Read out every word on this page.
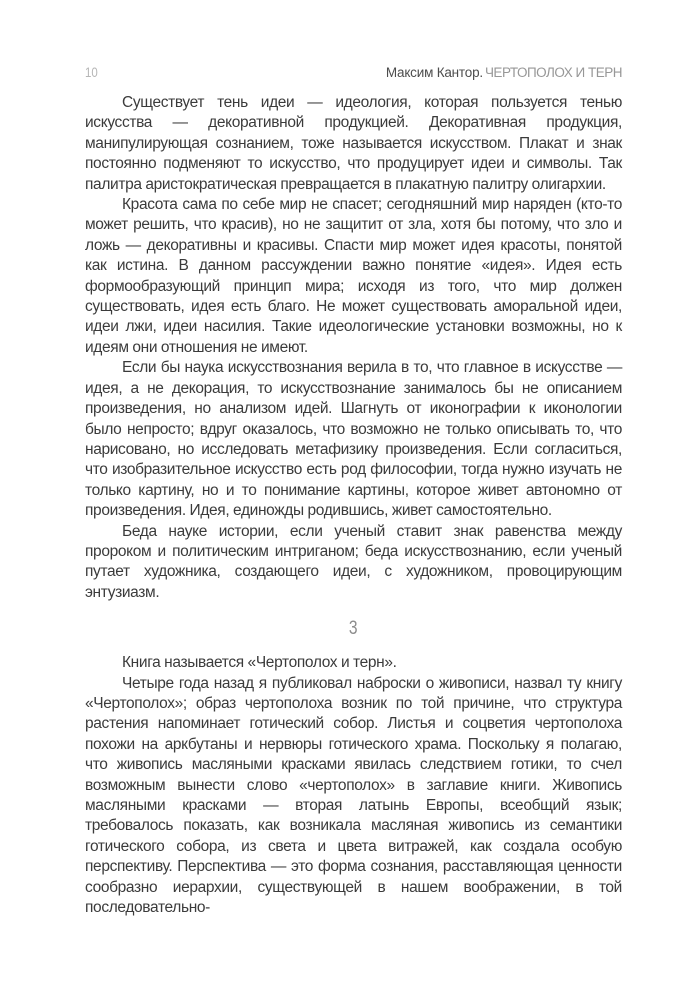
10	Максим Кантор. ЧЕРТОПОЛОХ И ТЕРН

Существует тень идеи — идеология, которая пользуется тенью искусства — декоративной продукцией. Декоративная продукция, манипулирующая сознанием, тоже называется искусством. Плакат и знак постоянно подменяют то искусство, что продуцирует идеи и символы. Так палитра аристократическая превращается в плакатную палитру олигархии.

Красота сама по себе мир не спасет; сегодняшний мир наряден (кто-то может решить, что красив), но не защитит от зла, хотя бы потому, что зло и ложь — декоративны и красивы. Спасти мир может идея красоты, понятой как истина. В данном рассуждении важно понятие «идея». Идея есть формообразующий принцип мира; исходя из того, что мир должен существовать, идея есть благо. Не может существовать аморальной идеи, идеи лжи, идеи насилия. Такие идеологические установки возможны, но к идеям они отношения не имеют.

Если бы наука искусствознания верила в то, что главное в искусстве — идея, а не декорация, то искусствознание занималось бы не описанием произведения, но анализом идей. Шагнуть от иконографии к иконологии было непросто; вдруг оказалось, что возможно не только описывать то, что нарисовано, но исследовать метафизику произведения. Если согласиться, что изобразительное искусство есть род философии, тогда нужно изучать не только картину, но и то понимание картины, которое живет автономно от произведения. Идея, единожды родившись, живет самостоятельно.

Беда науке истории, если ученый ставит знак равенства между пророком и политическим интриганом; беда искусствознанию, если ученый путает художника, создающего идеи, с художником, провоцирующим энтузиазм.

3

Книга называется «Чертополох и терн».

Четыре года назад я публиковал наброски о живописи, назвал ту книгу «Чертополох»; образ чертополоха возник по той причине, что структура растения напоминает готический собор. Листья и соцветия чертополоха похожи на аркбутаны и нервюры готического храма. Поскольку я полагаю, что живопись масляными красками явилась следствием готики, то счел возможным вынести слово «чертополох» в заглавие книги. Живопись масляными красками — вторая латынь Европы, всеобщий язык; требовалось показать, как возникала масляная живопись из семантики готического собора, из света и цвета витражей, как создала особую перспективу. Перспектива — это форма сознания, расставляющая ценности сообразно иерархии, существующей в нашем воображении, в той последовательно-
